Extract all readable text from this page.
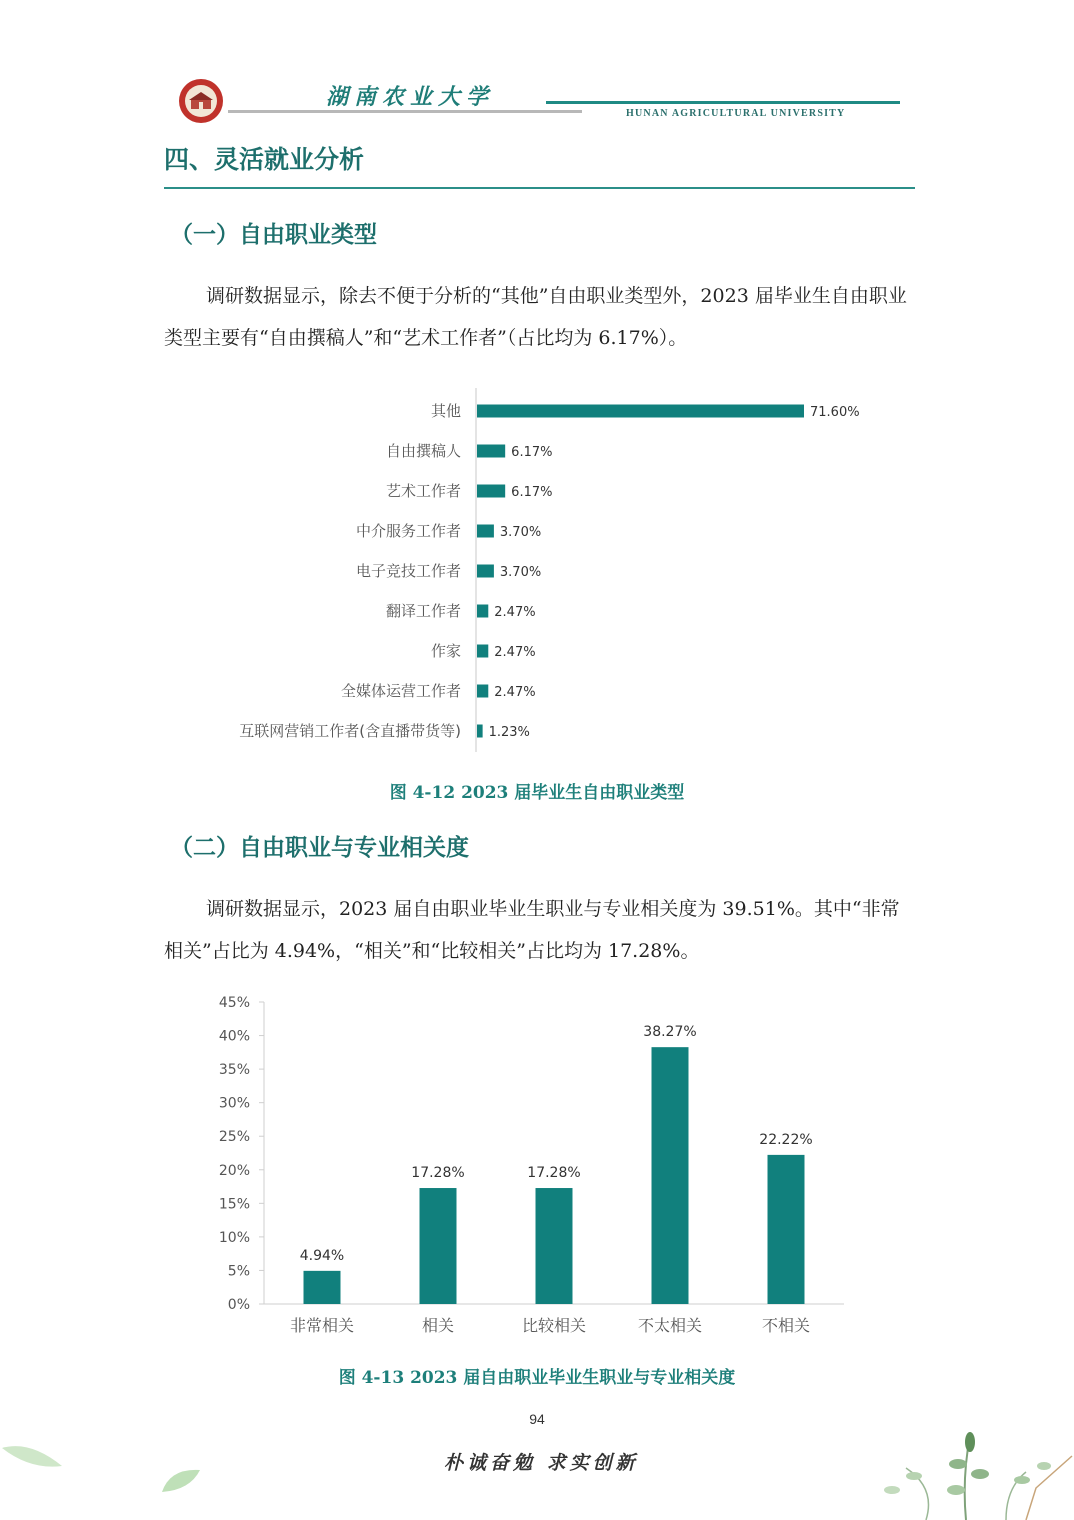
湖南农业大学
HUNAN AGRICULTURAL UNIVERSITY
四、灵活就业分析
（一）自由职业类型

调研数据显示，除去不便于分析的“其他”自由职业类型外，2023 届毕业生自由职业类型主要有“自由撰稿人”和“艺术工作者”（占比均为 6.17%）。

其他	71.60%
自由撰稿人	6.17%
艺术工作者	6.17%
中介服务工作者	3.70%
电子竞技工作者	3.70%
翻译工作者	2.47%
作家	2.47%
全媒体运营工作者	2.47%
互联网营销工作者(含直播带货等) 1.23%
图 4-12 2023 届毕业生自由职业类型
（二）自由职业与专业相关度

调研数据显示，2023 届自由职业毕业生职业与专业相关度为 39.51%。其中“非常相关”占比为 4.94%，“相关”和“比较相关”占比均为 17.28%。

0%
5%
10%
15%
20%
25%
30%
35%
40%
45%
4.94%
非常相关
17.28%
相关
17.28%
比较相关
38.27%
不太相关
22.22%
不相关
图 4-13 2023 届自由职业毕业生职业与专业相关度
94
朴诚奋勉 求实创新
